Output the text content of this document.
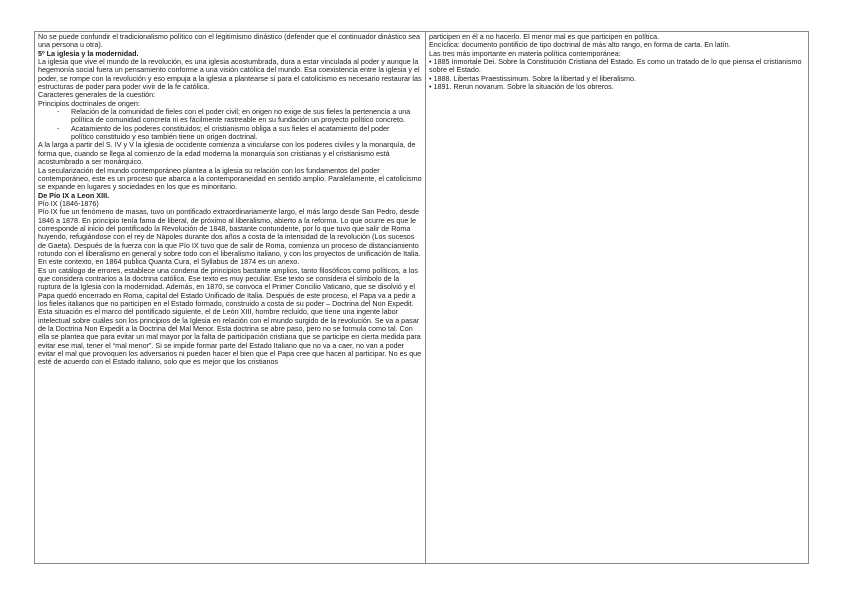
No se puede confundir el tradicionalismo político con el legitimismo dinástico (defender que el continuador dinástico sea una persona u otra).

5º La iglesia y la modernidad.

La iglesia que vive el mundo de la revolución, es una iglesia acostumbrada, dura a estar vinculada al poder y aunque la hegemonía social fuera un pensamiento conforme a una visión católica del mundo. Esa coexistencia entre la iglesia y el poder, se rompe con la revolución y eso empuja a la iglesia a plantearse si para el catolicismo es necesario restaurar las estructuras de poder para poder vivir de la fe católica.

Caracteres generales de la cuestión:

Principios doctrinales de origen:

- Relación de la comunidad de fieles con el poder civil; en origen no exige de sus fieles la pertenencia a una política de comunidad concreta ni es fácilmente rastreable en su fundación un proyecto político concreto.
- Acatamiento de los poderes constituidos; el cristianismo obliga a sus fieles el acatamiento del poder político constituido y eso también tiene un origen doctrinal.

A la larga a partir del S. IV y V la iglesia de occidente comienza a vincularse con los poderes civiles y la monarquía, de forma que, cuando se llega al comienzo de la edad moderna la monarquía son cristianas y el cristianismo está acostumbrado a ser monárquico.

La secularización del mundo contemporáneo plantea a la iglesia su relación con los fundamentos del poder contemporáneo, este es un proceso que abarca a la contemporaneidad en sentido amplio. Paralelamente, el catolicismo se expande en lugares y sociedades en los que es minoritario.

De Pío IX a Leon XIII.

Pío IX (1846-1876)

Pío IX fue un fenómeno de masas, tuvo un pontificado extraordinariamente largo, el más largo desde San Pedro, desde 1846 a 1878. En principio tenía fama de liberal, de próximo al liberalismo, abierto a la reforma. Lo que ocurre es que le corresponde al inicio del pontificado la Revolución de 1848, bastante contundente, por lo que tuvo que salir de Roma huyendo, refugiándose con el rey de Nápoles durante dos años a costa de la intensidad de la revolución (Los sucesos de Gaeta). Después de la fuerza con la que Pío IX tuvo que de salir de Roma, comienza un proceso de distanciamiento rotundo con el liberalismo en general y sobre todo con el liberalismo italiano, y con los proyectos de unificación de Italia. En este contexto, en 1864 publica Quanta Cura, el Syllabus de 1874 es un anexo.

Es un catálogo de errores, establece una condena de principios bastante amplios, tanto filosóficos como políticos, a los que considera contrarios a la doctrina católica. Ese texto es muy peculiar. Ese texto se considera el símbolo de la ruptura de la Iglesia con la modernidad. Además, en 1870, se convoca el Primer Concilio Vaticano, que se disolvió y el Papa quedó encerrado en Roma, capital del Estado Unificado de Italia. Después de este proceso, el Papa va a pedir a los fieles italianos que no participen en el Estado formado, construido a costa de su poder – Doctrina del Non Expedit.

Esta situación es el marco del pontificado siguiente, el de León XIII, hombre recluido, que tiene una ingente labor intelectual sobre cuáles son los principios de la Iglesia en relación con el mundo surgido de la revolución. Se va a pasar de la Doctrina Non Expedit a la Doctrina del Mal Menor. Esta doctrina se abre paso, pero no se formula como tal. Con ella se plantea que para evitar un mal mayor por la falta de participación cristiana que se participe en cierta medida para evitar ese mal, tener el “mal menor”. Si se impide formar parte del Estado Italiano que no va a caer, no van a poder evitar el mal que provoquen los adversarios ni pueden hacer el bien que el Papa cree que hacen al participar. No es que esté de acuerdo con el Estado italiano, solo que es mejor que los cristianos

participen en él a no hacerlo. El menor mal es que participen en política.

Encíclica: documento pontificio de tipo doctrinal de más alto rango, en forma de carta. En latín.

Las tres más importante en materia política contemporánea:

• 1885 Inmortale Dei. Sobre la Constitución Cristiana del Estado. Es como un tratado de lo que piensa el cristianismo sobre el Estado.

• 1888. Libertas Praestissimum. Sobre la libertad y el liberalismo.

• 1891. Rerun novarum. Sobre la situación de los obreros.
